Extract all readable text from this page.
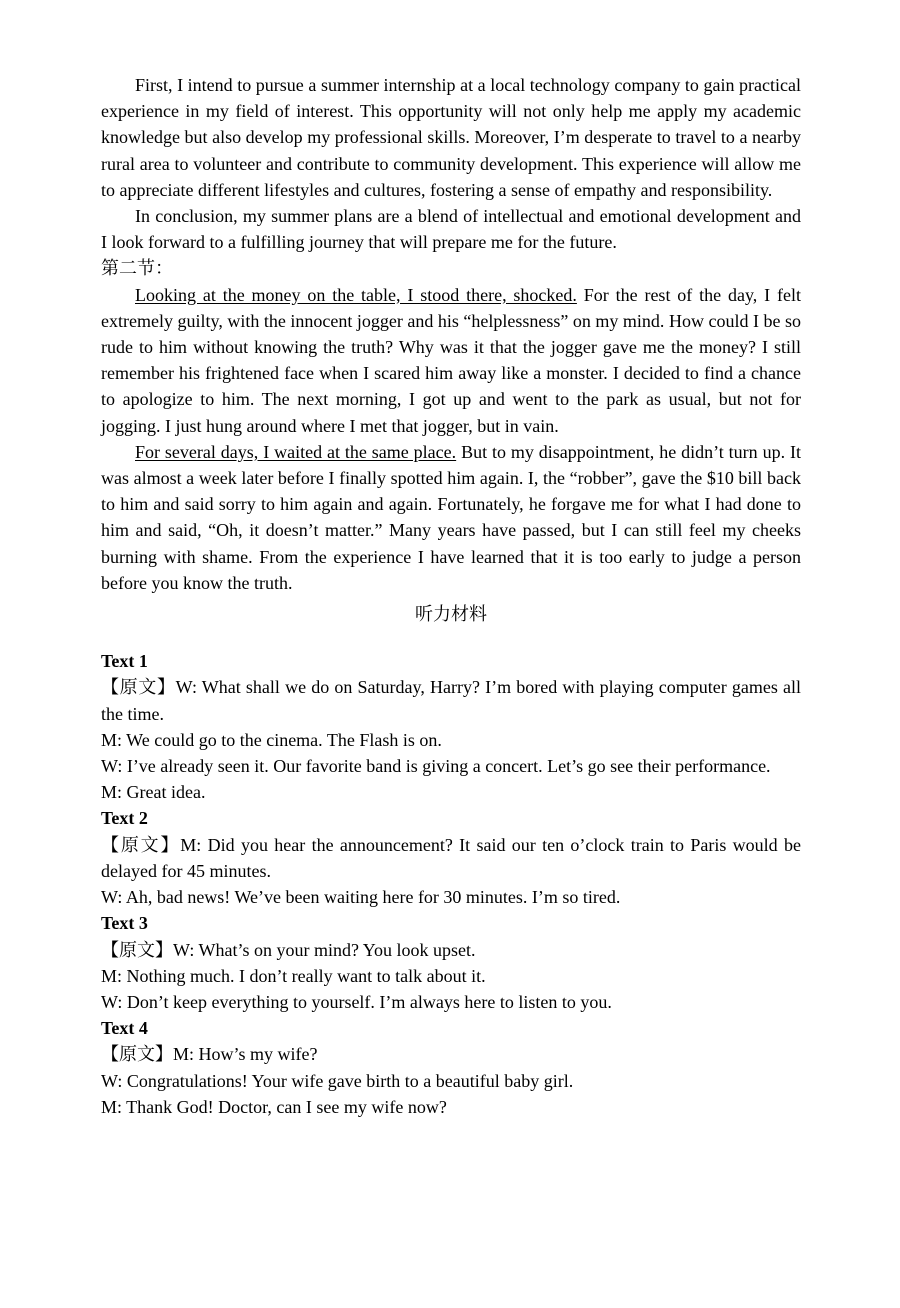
First, I intend to pursue a summer internship at a local technology company to gain practical experience in my field of interest. This opportunity will not only help me apply my academic knowledge but also develop my professional skills. Moreover, I’m desperate to travel to a nearby rural area to volunteer and contribute to community development. This experience will allow me to appreciate different lifestyles and cultures, fostering a sense of empathy and responsibility.

In conclusion, my summer plans are a blend of intellectual and emotional development and I look forward to a fulfilling journey that will prepare me for the future.

第二节：

Looking at the money on the table, I stood there, shocked. For the rest of the day, I felt extremely guilty, with the innocent jogger and his “helplessness” on my mind. How could I be so rude to him without knowing the truth? Why was it that the jogger gave me the money? I still remember his frightened face when I scared him away like a monster. I decided to find a chance to apologize to him. The next morning, I got up and went to the park as usual, but not for jogging. I just hung around where I met that jogger, but in vain.

For several days, I waited at the same place. But to my disappointment, he didn’t turn up. It was almost a week later before I finally spotted him again. I, the “robber”, gave the $10 bill back to him and said sorry to him again and again. Fortunately, he forgave me for what I had done to him and said, “Oh, it doesn’t matter.” Many years have passed, but I can still feel my cheeks burning with shame. From the experience I have learned that it is too early to judge a person before you know the truth.

听力材料

Text 1

【原文】W: What shall we do on Saturday, Harry? I’m bored with playing computer games all the time.

M: We could go to the cinema. The Flash is on.

W: I’ve already seen it. Our favorite band is giving a concert. Let’s go see their performance.

M: Great idea.

Text 2

【原文】M: Did you hear the announcement? It said our ten o’clock train to Paris would be delayed for 45 minutes.

W: Ah, bad news! We’ve been waiting here for 30 minutes. I’m so tired.

Text 3

【原文】W: What’s on your mind? You look upset.

M: Nothing much. I don’t really want to talk about it.

W: Don’t keep everything to yourself. I’m always here to listen to you.

Text 4

【原文】M: How’s my wife?

W: Congratulations! Your wife gave birth to a beautiful baby girl.

M: Thank God! Doctor, can I see my wife now?
